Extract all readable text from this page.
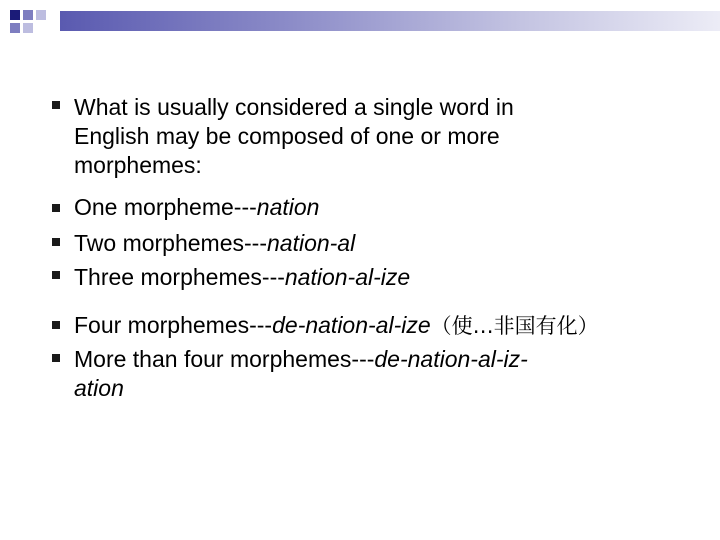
What is usually considered a single word in
English may be composed of one or more
morphemes:
One morpheme---nation
Two morphemes---nation-al
Three morphemes---nation-al-ize
Four morphemes---de-nation-al-ize（使…非国有化）
More than four morphemes---de-nation-al-iz-
ation
